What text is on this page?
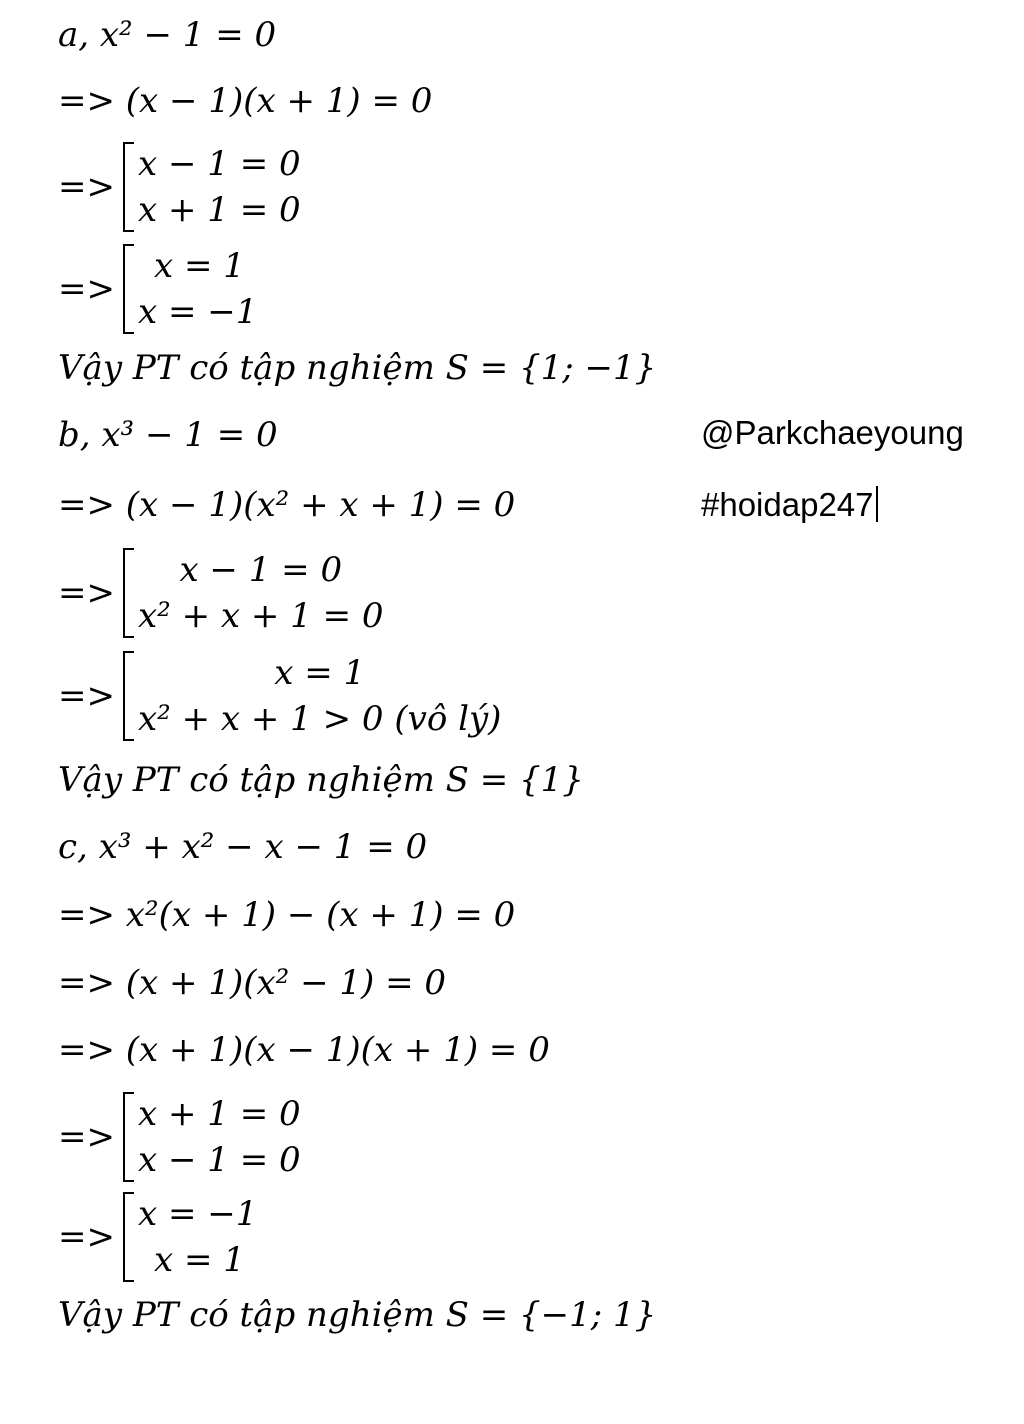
a, x² − 1 = 0
=> (x − 1)(x + 1) = 0
=>
x − 1 = 0
x + 1 = 0
=>
x = 1
x = −1
Vậy PT có tập nghiệm S = {1; −1}
b, x³ − 1 = 0
=> (x − 1)(x² + x + 1) = 0
=>
x − 1 = 0
x² + x + 1 = 0
=>
x = 1
x² + x + 1 > 0 (vô lý)
Vậy PT có tập nghiệm S = {1}
c, x³ + x² − x − 1 = 0
=> x²(x + 1) − (x + 1) = 0
=> (x + 1)(x² − 1) = 0
=> (x + 1)(x − 1)(x + 1) = 0
=>
x + 1 = 0
x − 1 = 0
=>
x = −1
x = 1
Vậy PT có tập nghiệm S = {−1; 1}
@Parkchaeyoung
#hoidap247
